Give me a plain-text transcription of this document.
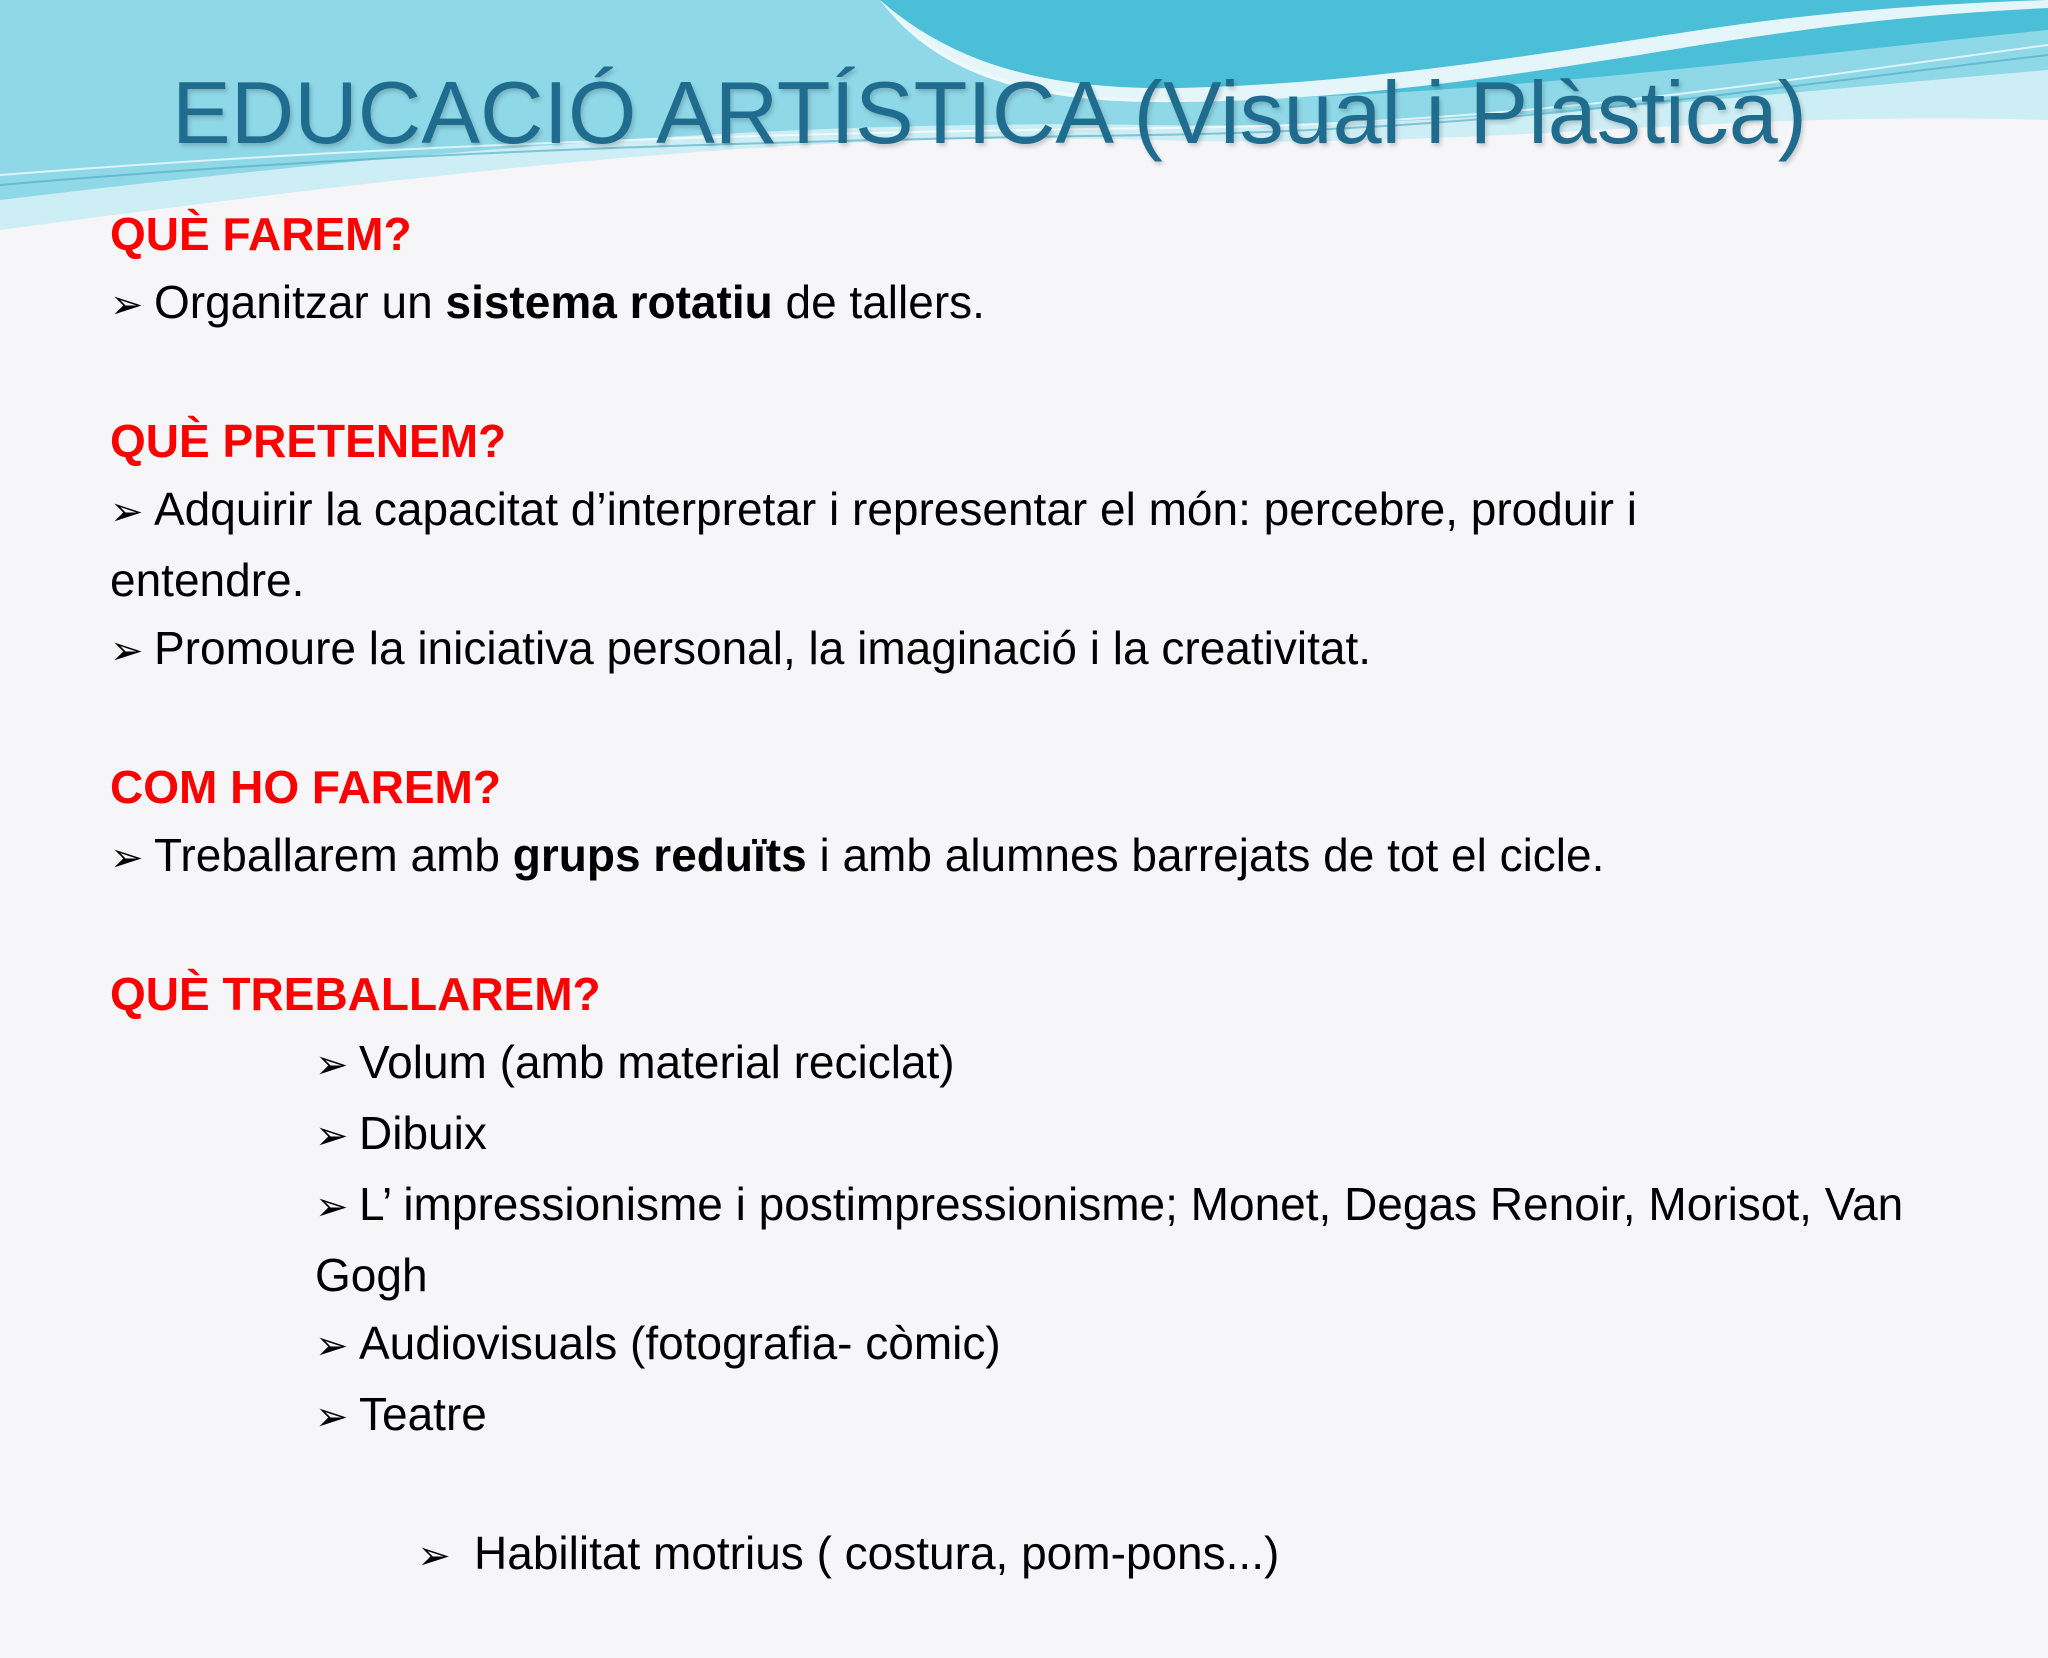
EDUCACIÓ ARTÍSTICA (Visual i Plàstica)
QUÈ FAREM?
➢ Organitzar un sistema rotatiu de tallers.
QUÈ PRETENEM?
➢ Adquirir la capacitat d’interpretar i representar el món: percebre, produir i entendre.
➢ Promoure la iniciativa personal, la imaginació i la creativitat.
COM HO FAREM?
➢ Treballarem amb grups reduïts i amb alumnes barrejats de tot el cicle.
QUÈ TREBALLAREM?
➢ Volum (amb material reciclat)
➢ Dibuix
➢ L’ impressionisme i postimpressionisme; Monet, Degas Renoir, Morisot, Van Gogh
➢ Audiovisuals (fotografia- còmic)
➢ Teatre

➢ Habilitat motrius ( costura, pom-pons...)
